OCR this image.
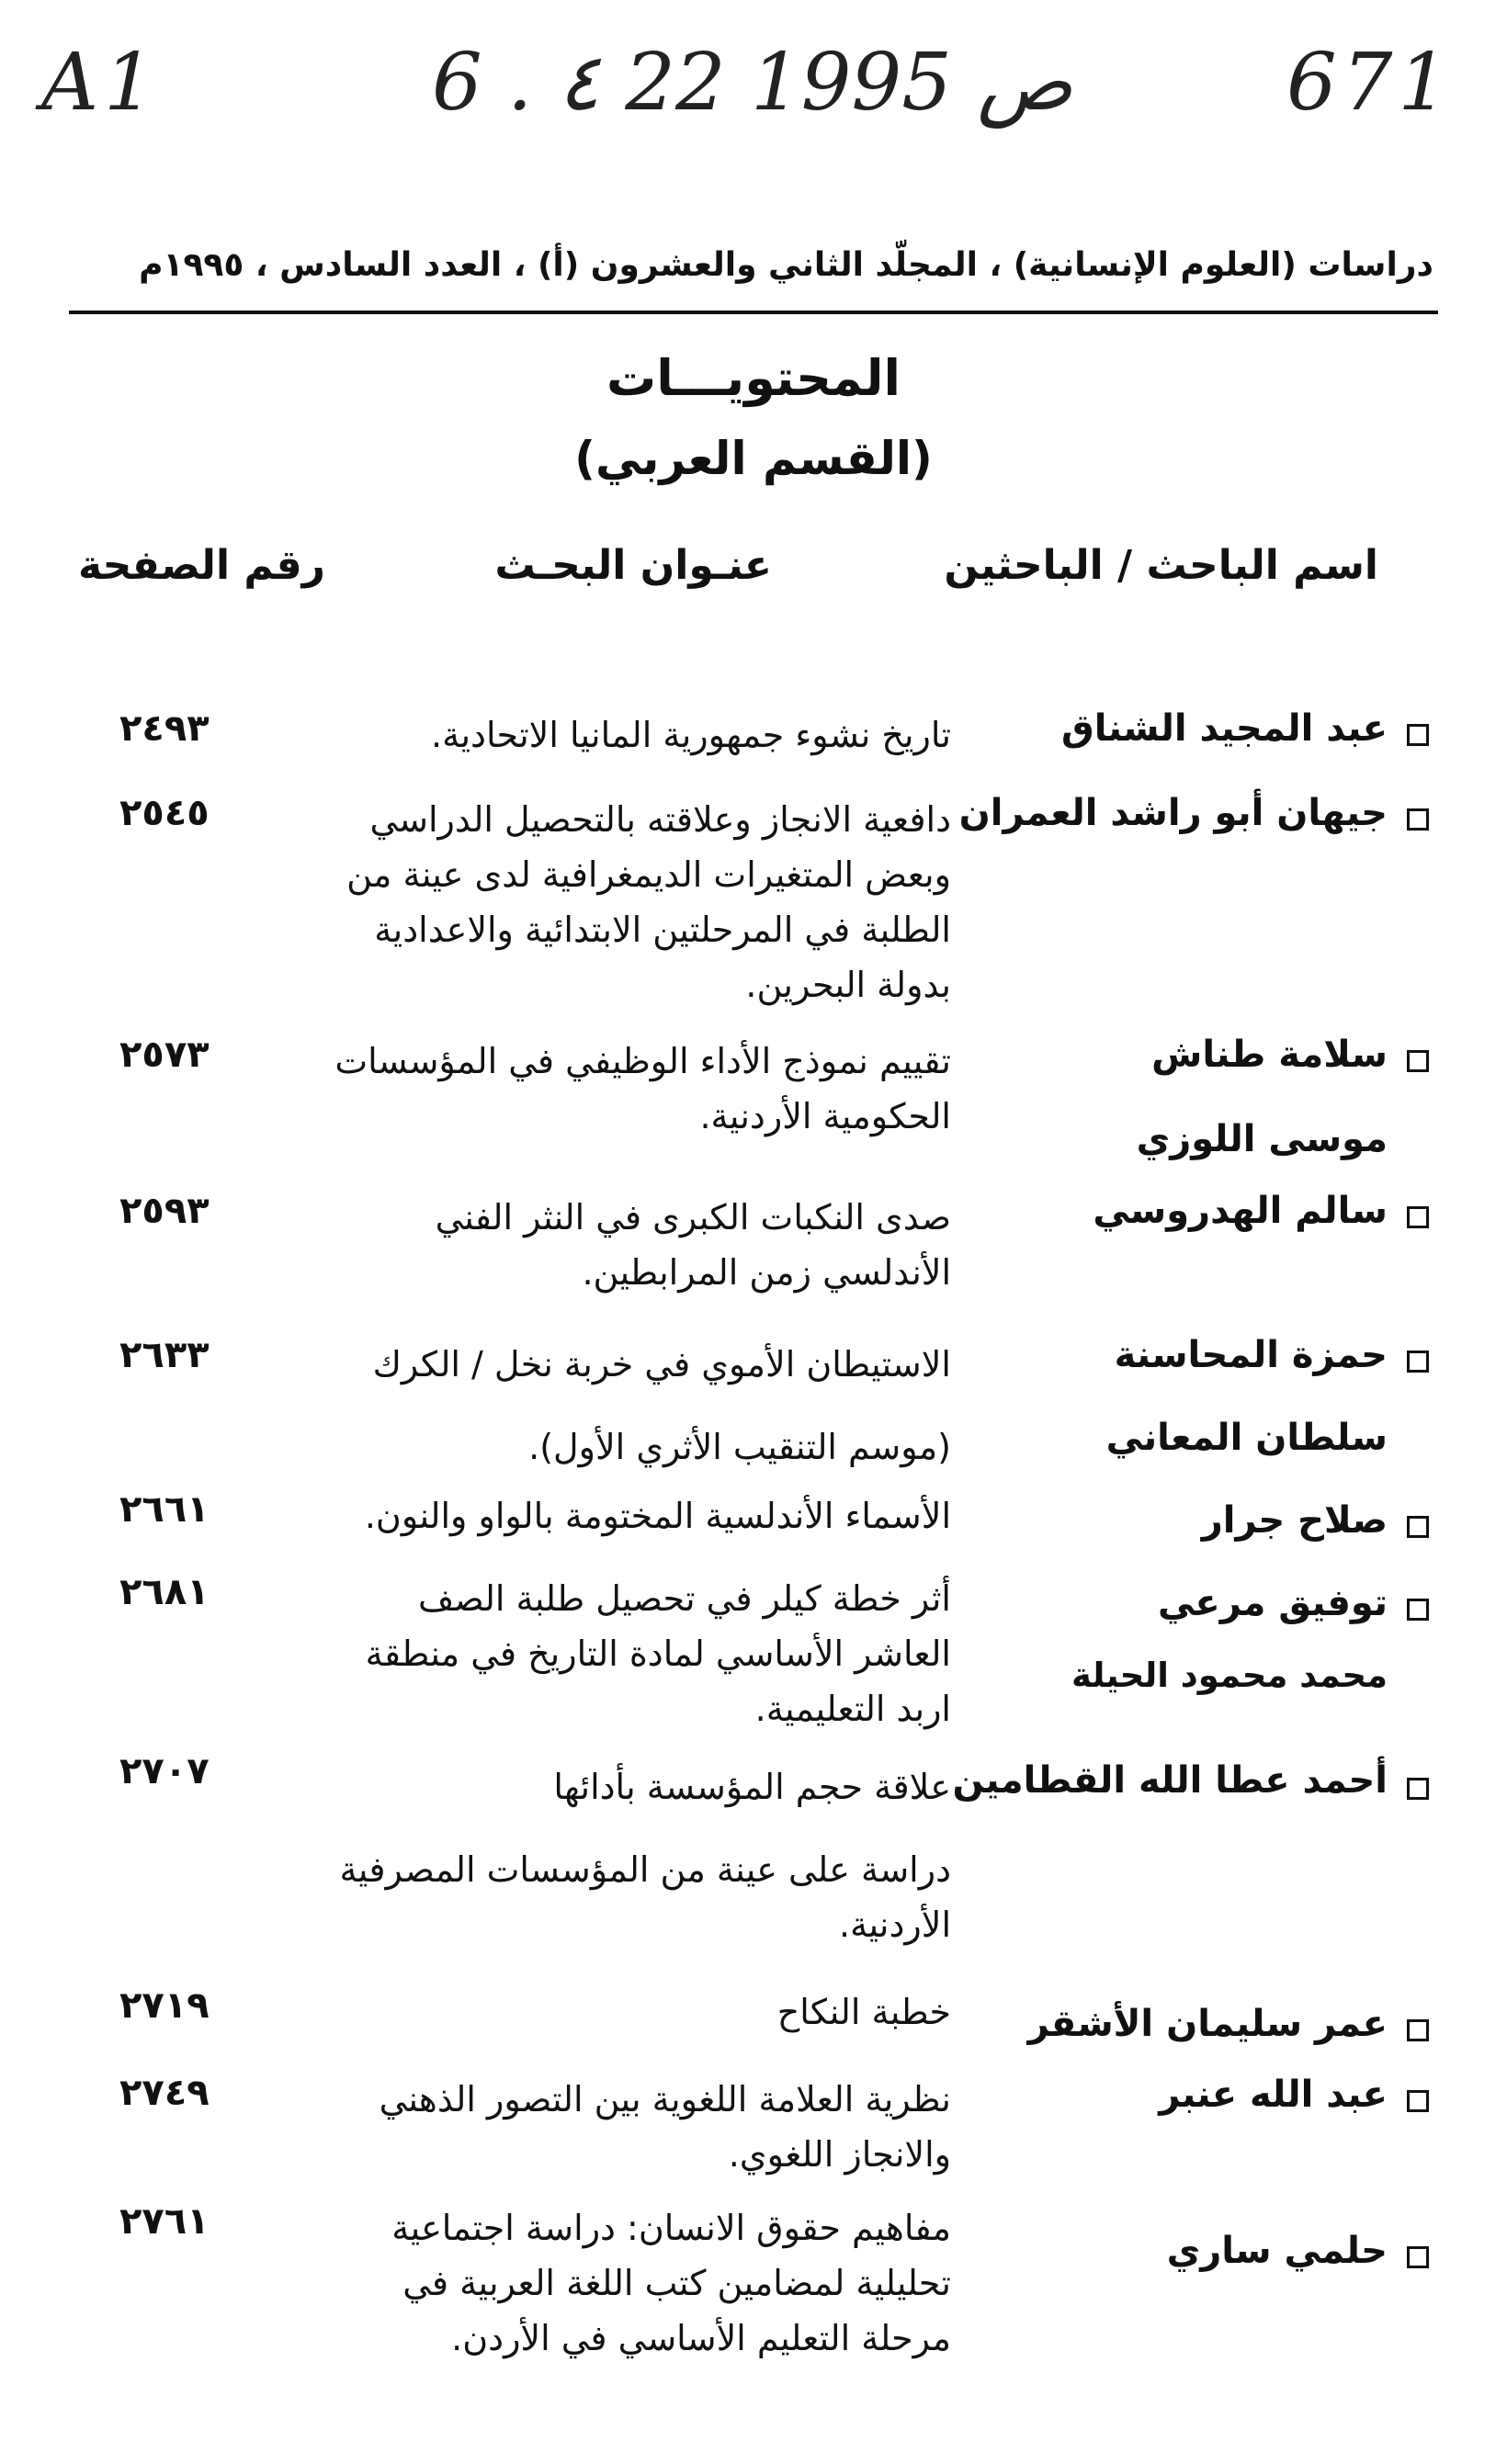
A1	6 . ٤ 22 ص 1995	671
دراسات (العلوم الإنسانية) ، المجلّد الثاني والعشرون (أ) ، العدد السادس ، ١٩٩٥م
المحتويـــات
(القسم العربي)
اسم الباحث / الباحثين
عنـوان البحـث
رقم الصفحة
عبد المجيد الشناق
تاريخ نشوء جمهورية المانيا الاتحادية.
٢٤٩٣
جيهان أبو راشد العمران
دافعية الانجاز وعلاقته بالتحصيل الدراسي
وبعض المتغيرات الديمغرافية لدى عينة من
الطلبة في المرحلتين الابتدائية والاعدادية
بدولة البحرين.
٢٥٤٥
سلامة طناش
موسى اللوزي
تقييم نموذج الأداء الوظيفي في المؤسسات
الحكومية الأردنية.
٢٥٧٣
سالم الهدروسي
صدى النكبات الكبرى في النثر الفني
الأندلسي زمن المرابطين.
٢٥٩٣
حمزة المحاسنة
سلطان المعاني
الاستيطان الأموي في خربة نخل / الكرك
(موسم التنقيب الأثري الأول).
٢٦٣٣
صلاح جرار
الأسماء الأندلسية المختومة بالواو والنون.
٢٦٦١
توفيق مرعي
محمد محمود الحيلة
أثر خطة كيلر في تحصيل طلبة الصف
العاشر الأساسي لمادة التاريخ في منطقة
اربد التعليمية.
٢٦٨١
أحمد عطا الله القطامين
علاقة حجم المؤسسة بأدائها
دراسة على عينة من المؤسسات المصرفية
الأردنية.
٢٧٠٧
عمر سليمان الأشقر
خطبة النكاح
٢٧١٩
عبد الله عنبر
نظرية العلامة اللغوية بين التصور الذهني
والانجاز اللغوي.
٢٧٤٩
حلمي ساري
مفاهيم حقوق الانسان: دراسة اجتماعية
تحليلية لمضامين كتب اللغة العربية في
مرحلة التعليم الأساسي في الأردن.
٢٧٦١
